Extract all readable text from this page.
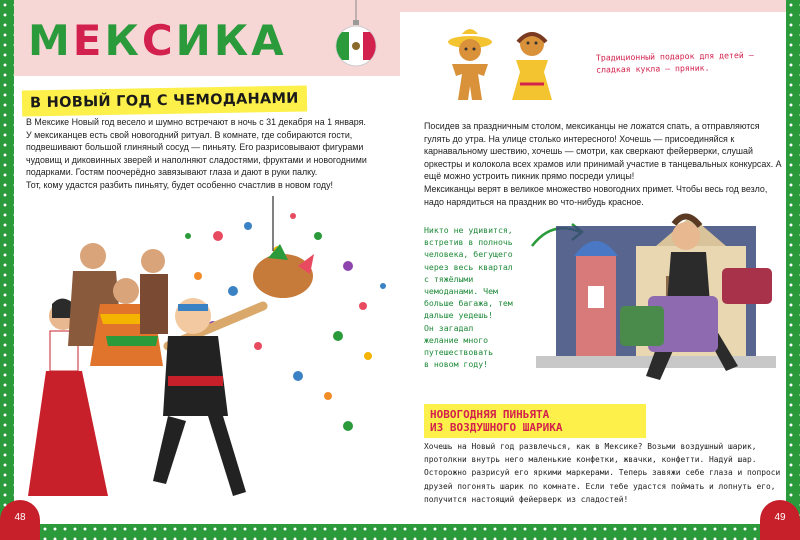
МЕКСИКА
В НОВЫЙ ГОД С ЧЕМОДАНАМИ

В Мексике Новый год весело и шумно встречают в ночь с 31 декабря на 1 января.

У мексиканцев есть свой новогодний ритуал. В комнате, где собираются гости, подвешивают большой глиняный сосуд — пиньяту. Его разрисовывают фигурами чудовищ и диковинных зверей и наполняют сладостями, фруктами и новогодними подарками. Гостям поочерёдно завязывают глаза и дают в руки палку.

Тот, кому удастся разбить пиньяту, будет особенно счастлив в новом году!

48
Традиционный подарок для детей — сладкая кукла — пряник.

Посидев за праздничным столом, мексиканцы не ложатся спать, а отправляются гулять до утра. На улице столько интересного! Хочешь — присоединяйся к карнавальному шествию, хочешь — смотри, как сверкают фейерверки, слушай оркестры и колокола всех храмов или принимай участие в танцевальных конкурсах. А ещё можно устроить пикник прямо посреди улицы!

Мексиканцы верят в великое множество новогодних примет. Чтобы весь год везло, надо нарядиться на праздник во что-нибудь красное.

Никто не удивится,

встретив в полночь

человека, бегущего

через весь квартал

с тяжёлыми

чемоданами. Чем

больше багажа, тем

дальше уедешь!

Он загадал

желание много

путешествовать

в новом году!

НОВОГОДНЯЯ ПИНЬЯТА
ИЗ ВОЗДУШНОГО ШАРИКА
Хочешь на Новый год развлечься, как в Мексике? Возьми воздушный шарик, протолкни внутрь него маленькие конфетки, жвачки, конфетти. Надуй шар. Осторожно разрисуй его яркими маркерами. Теперь завяжи себе глаза и попроси друзей погонять шарик по комнате. Если тебе удастся поймать и лопнуть его, получится настоящий фейерверк из сладостей!
49
